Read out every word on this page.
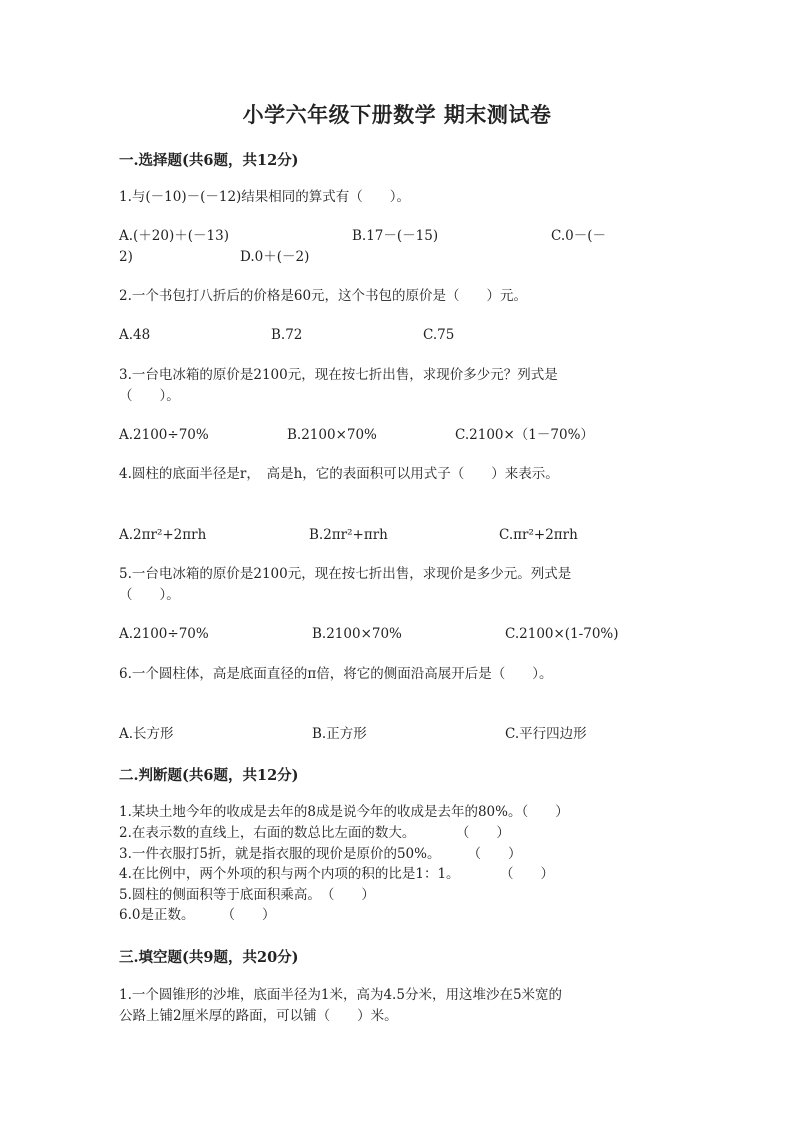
小学六年级下册数学 期末测试卷
一.选择题(共6题，共12分)
1.与(－10)－(－12)结果相同的算式有（　　）。
A.(＋20)＋(－13)	B.17－(－15)	C.0－(－
2)	D.0＋(－2)
2.一个书包打八折后的价格是60元，这个书包的原价是（　　）元。
A.48	B.72	C.75
3.一台电冰箱的原价是2100元，现在按七折出售，求现价多少元？列式是
（　　）。
A.2100÷70%	B.2100×70%	C.2100×（1－70%）
4.圆柱的底面半径是r，　高是h，它的表面积可以用式子（　　）来表示。
A.2πr²+2πrh	B.2πr²+πrh	C.πr²+2πrh
5.一台电冰箱的原价是2100元，现在按七折出售，求现价是多少元。列式是
（　　）。
A.2100÷70%	B.2100×70%	C.2100×(1-70%)
6.一个圆柱体，高是底面直径的π倍，将它的侧面沿高展开后是（　　）。
A.长方形	B.正方形	C.平行四边形
二.判断题(共6题，共12分)
1.某块土地今年的收成是去年的8成是说今年的收成是去年的80%。（　　）
2.在表示数的直线上，右面的数总比左面的数大。　　　　（　　）
3.一件衣服打5折，就是指衣服的现价是原价的50%。　　　（　　）
4.在比例中，两个外项的积与两个内项的积的比是1：1。　　　　（　　）
5.圆柱的侧面积等于底面积乘高。　（　　）
6.0是正数。　　　（　　）
三.填空题(共9题，共20分)
1.一个圆锥形的沙堆，底面半径为1米，高为4.5分米，用这堆沙在5米宽的
公路上铺2厘米厚的路面，可以铺（　　）米。
